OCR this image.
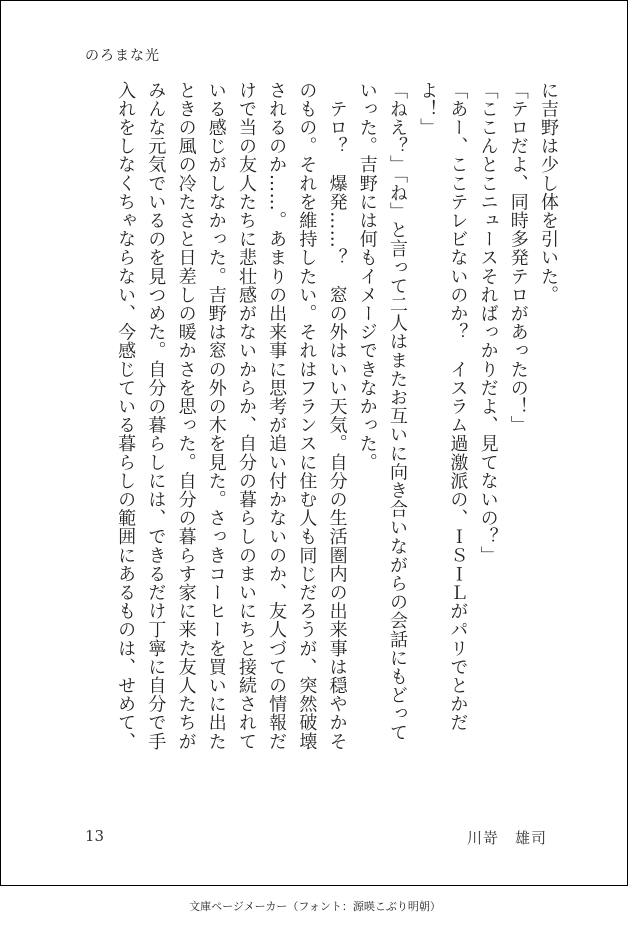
のろまな光

に吉野は少し体を引いた。

「テロだよ、同時多発テロがあったの！」

「ここんとこニュースそればっかりだよ、見てないの？」

「あー、ここテレビないのか？　イスラム過激派の、ＩＳＩＬがパリでとかだ

よ！」

「ねえ？」「ね」と言って二人はまたお互いに向き合いながらの会話にもどって

いった。吉野には何もイメージできなかった。

　テロ？　爆発……？　窓の外はいい天気。自分の生活圏内の出来事は穏やかそ

のもの。それを維持したい。それはフランスに住む人も同じだろうが、突然破壊

されるのか……。あまりの出来事に思考が追い付かないのか、友人づての情報だ

けで当の友人たちに悲壮感がないからか、自分の暮らしのまいにちと接続されて

いる感じがしなかった。吉野は窓の外の木を見た。さっきコーヒーを買いに出た

ときの風の冷たさと日差しの暖かさを思った。自分の暮らす家に来た友人たちが

みんな元気でいるのを見つめた。自分の暮らしには、できるだけ丁寧に自分で手

入れをしなくちゃならない、今感じている暮らしの範囲にあるものは、せめて、

13	川嵜　雄司
文庫ページメーカー（フォント：源暎こぶり明朝）
